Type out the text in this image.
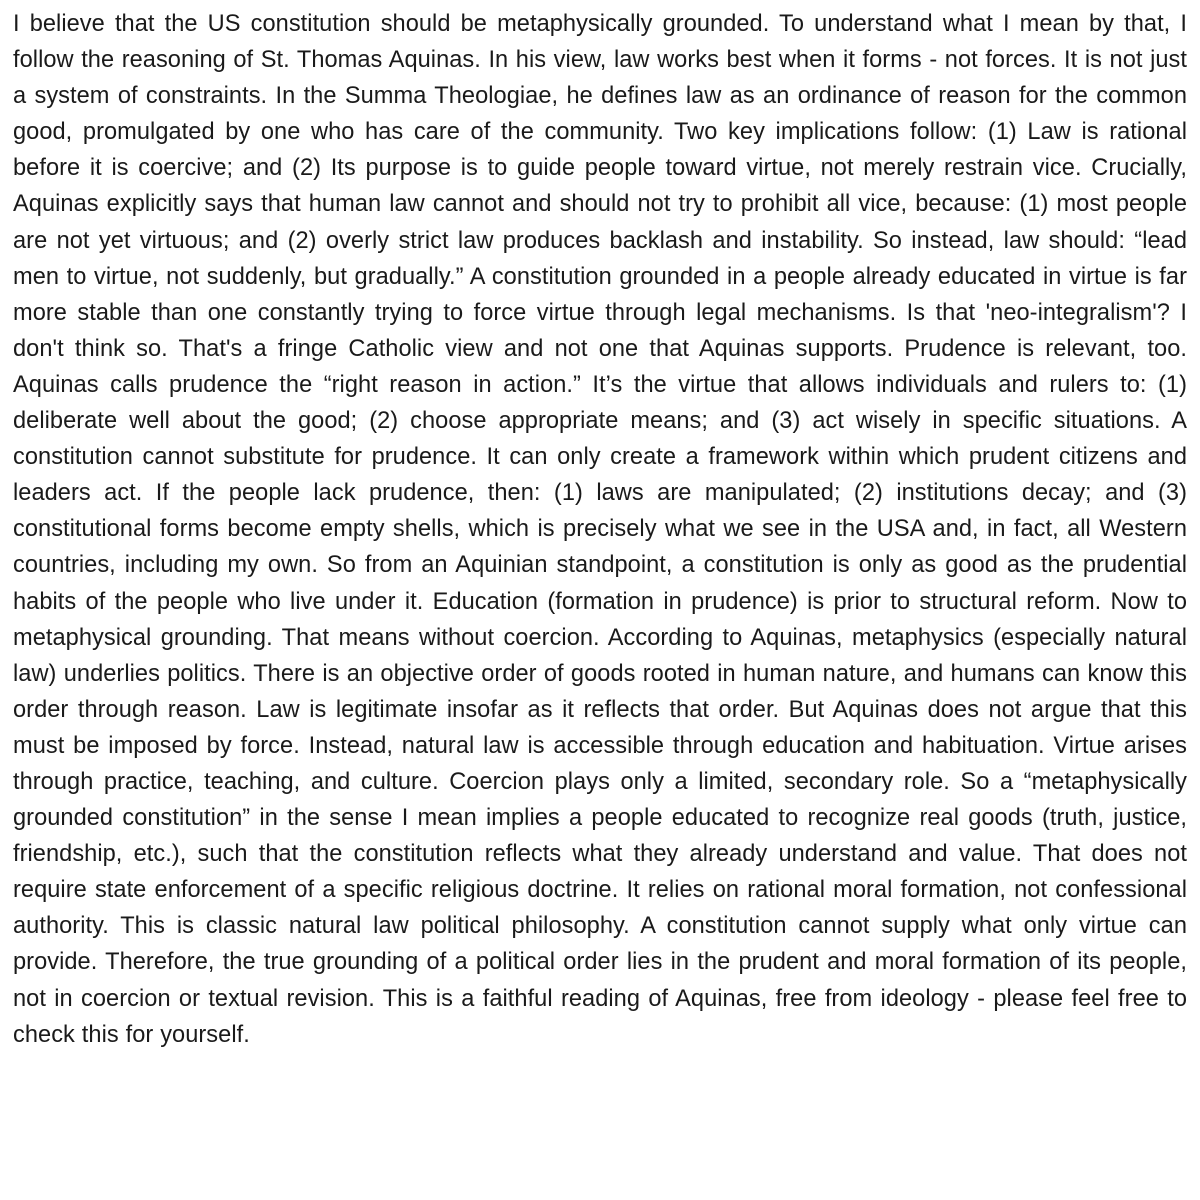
I believe that the US constitution should be metaphysically grounded. To understand what I mean by that, I follow the reasoning of St. Thomas Aquinas. In his view, law works best when it forms - not forces. It is not just a system of constraints. In the Summa Theologiae, he defines law as an ordinance of reason for the common good, promulgated by one who has care of the community. Two key implications follow: (1) Law is rational before it is coercive; and (2) Its purpose is to guide people toward virtue, not merely restrain vice. Crucially, Aquinas explicitly says that human law cannot and should not try to prohibit all vice, because: (1) most people are not yet virtuous; and (2) overly strict law produces backlash and instability. So instead, law should: “lead men to virtue, not suddenly, but gradually.” A constitution grounded in a people already educated in virtue is far more stable than one constantly trying to force virtue through legal mechanisms. Is that 'neo-integralism'? I don't think so. That's a fringe Catholic view and not one that Aquinas supports. Prudence is relevant, too. Aquinas calls prudence the “right reason in action.” It’s the virtue that allows individuals and rulers to: (1) deliberate well about the good; (2) choose appropriate means; and (3) act wisely in specific situations. A constitution cannot substitute for prudence. It can only create a framework within which prudent citizens and leaders act. If the people lack prudence, then: (1) laws are manipulated; (2) institutions decay; and (3) constitutional forms become empty shells, which is precisely what we see in the USA and, in fact, all Western countries, including my own. So from an Aquinian standpoint, a constitution is only as good as the prudential habits of the people who live under it. Education (formation in prudence) is prior to structural reform. Now to metaphysical grounding. That means without coercion. According to Aquinas, metaphysics (especially natural law) underlies politics. There is an objective order of goods rooted in human nature, and humans can know this order through reason. Law is legitimate insofar as it reflects that order. But Aquinas does not argue that this must be imposed by force. Instead, natural law is accessible through education and habituation. Virtue arises through practice, teaching, and culture. Coercion plays only a limited, secondary role. So a “metaphysically grounded constitution” in the sense I mean implies a people educated to recognize real goods (truth, justice, friendship, etc.), such that the constitution reflects what they already understand and value. That does not require state enforcement of a specific religious doctrine. It relies on rational moral formation, not confessional authority. This is classic natural law political philosophy. A constitution cannot supply what only virtue can provide. Therefore, the true grounding of a political order lies in the prudent and moral formation of its people, not in coercion or textual revision. This is a faithful reading of Aquinas, free from ideology - please feel free to check this for yourself.
